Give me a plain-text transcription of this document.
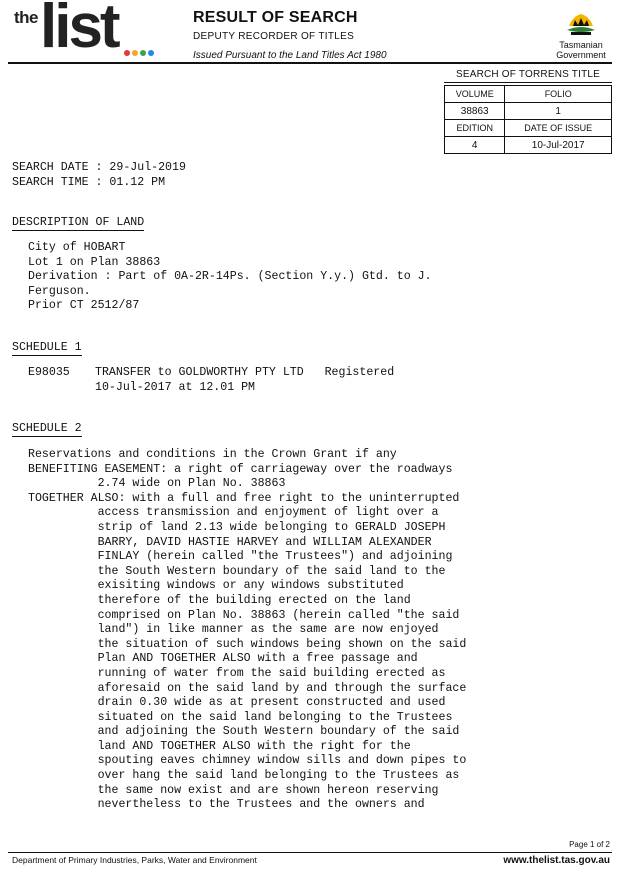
the list	RESULT OF SEARCH
DEPUTY RECORDER OF TITLES
Issued Pursuant to the Land Titles Act 1980
Tasmanian
Government
SEARCH OF TORRENS TITLE
VOLUME	FOLIO
38863	1
EDITION	DATE OF ISSUE
4	10-Jul-2017
SEARCH DATE : 29-Jul-2019
SEARCH TIME : 01.12 PM
DESCRIPTION OF LAND
City of HOBART
Lot 1 on Plan 38863
Derivation : Part of 0A-2R-14Ps. (Section Y.y.) Gtd. to J.
Ferguson.
Prior CT 2512/87
SCHEDULE 1
E98035 TRANSFER to GOLDWORTHY PTY LTD   Registered
10-Jul-2017 at 12.01 PM
SCHEDULE 2
Reservations and conditions in the Crown Grant if any
BENEFITING EASEMENT: a right of carriageway over the roadways
2.74 wide on Plan No. 38863
TOGETHER ALSO: with a full and free right to the uninterrupted
access transmission and enjoyment of light over a
strip of land 2.13 wide belonging to GERALD JOSEPH
BARRY, DAVID HASTIE HARVEY and WILLIAM ALEXANDER
FINLAY (herein called "the Trustees") and adjoining
the South Western boundary of the said land to the
exisiting windows or any windows substituted
therefore of the building erected on the land
comprised on Plan No. 38863 (herein called "the said
land") in like manner as the same are now enjoyed
the situation of such windows being shown on the said
Plan AND TOGETHER ALSO with a free passage and
running of water from the said building erected as
aforesaid on the said land by and through the surface
drain 0.30 wide as at present constructed and used
situated on the said land belonging to the Trustees
and adjoining the South Western boundary of the said
land AND TOGETHER ALSO with the right for the
spouting eaves chimney window sills and down pipes to
over hang the said land belonging to the Trustees as
the same now exist and are shown hereon reserving
nevertheless to the Trustees and the owners and
Page 1 of 2
Department of Primary Industries, Parks, Water and Environment	www.thelist.tas.gov.au
